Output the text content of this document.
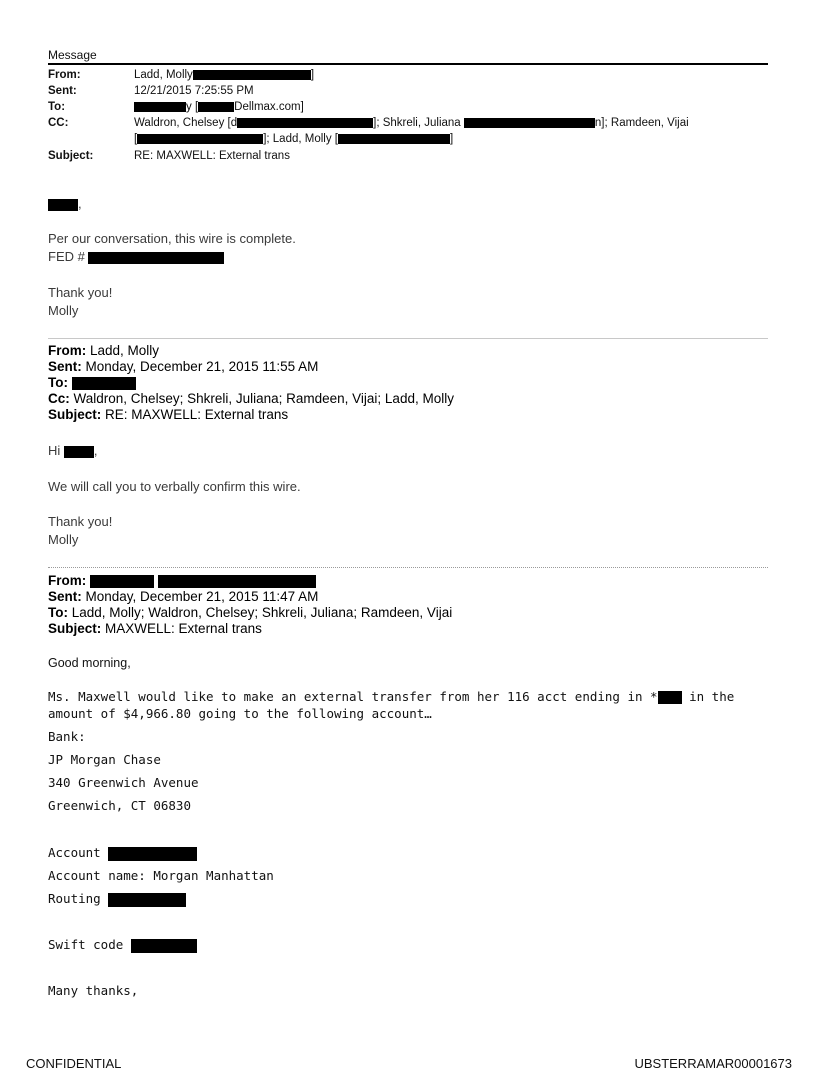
Message
From:	Ladd, Molly	]
Sent:	12/21/2015 7:25:55 PM
To:	y [	Dellmax.com]
CC:	Waldron, Chelsey [d	]; Shkreli, Juliana	n]; Ramdeen, Vijai
[	]; Ladd, Molly [	]
Subject:	RE: MAXWELL: External trans
,
Per our conversation, this wire is complete.
FED #
Thank you!
Molly
From: Ladd, Molly
Sent: Monday, December 21, 2015 11:55 AM
To:
Cc: Waldron, Chelsey; Shkreli, Juliana; Ramdeen, Vijai; Ladd, Molly
Subject: RE: MAXWELL: External trans
Hi	,
We will call you to verbally confirm this wire.
Thank you!
Molly
From:
Sent: Monday, December 21, 2015 11:47 AM
To: Ladd, Molly; Waldron, Chelsey; Shkreli, Juliana; Ramdeen, Vijai
Subject: MAXWELL: External trans
Good morning,
Ms. Maxwell would like to make an external transfer from her 116 acct ending in * in the
amount of $4,966.80 going to the following account…
Bank:
JP Morgan Chase
340 Greenwich Avenue
Greenwich, CT 06830
Account
Account name: Morgan Manhattan
Routing
Swift code
Many thanks,
CONFIDENTIAL	UBSTERRAMAR00001673
